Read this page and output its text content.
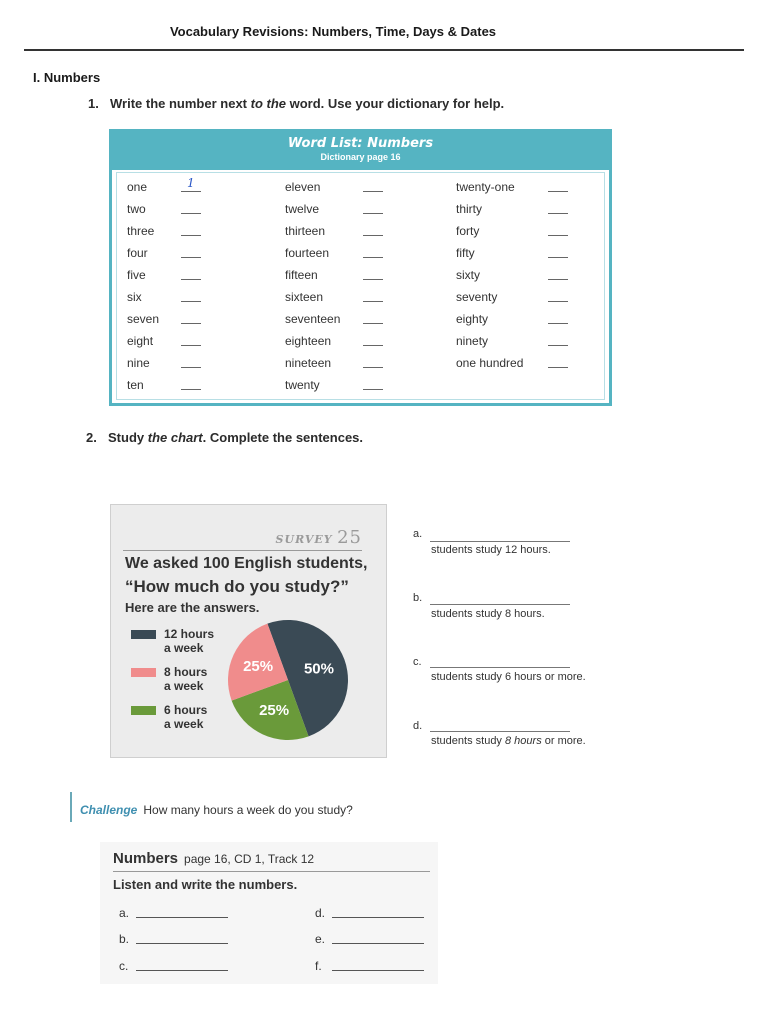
Vocabulary Revisions: Numbers, Time, Days & Dates
I. Numbers
1. Write the number next to the word. Use your dictionary for help.
Word List: Numbers
Dictionary page 16
one	1
two
three
four
five
six
seven
eight
nine
ten
eleven
twelve
thirteen
fourteen
fifteen
sixteen
seventeen
eighteen
nineteen
twenty
twenty-one
thirty
forty
fifty
sixty
seventy
eighty
ninety
one hundred
2. Study the chart. Complete the sentences.
SURVEY 25
We asked 100 English students,
“How much do you study?”
Here are the answers.
12 hours
a week
8 hours
a week
6 hours
a week
50%
25%
25%
a.
students study 12 hours.
b.
students study 8 hours.
c.
students study 6 hours or more.
d.
students study 8 hours or more.
Challenge How many hours a week do you study?
Numbers page 16, CD 1, Track 12
Listen and write the numbers.
a.
b.
c.
d.
e.
f.
